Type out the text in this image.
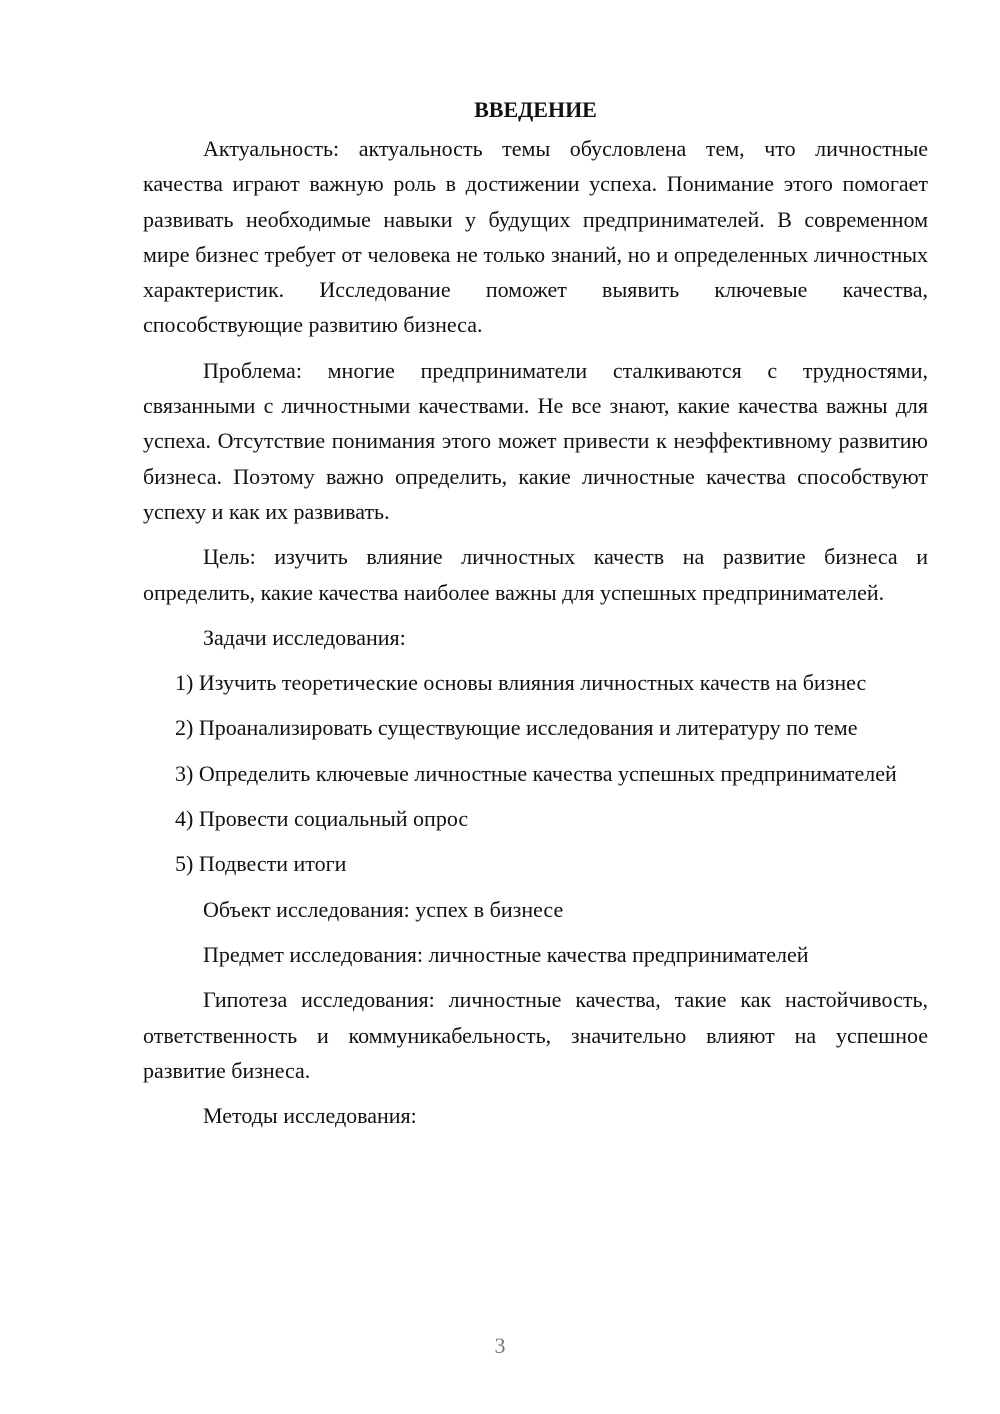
ВВЕДЕНИЕ

Актуальность: актуальность темы обусловлена тем, что личностные качества играют важную роль в достижении успеха. Понимание этого помогает развивать необходимые навыки у будущих предпринимателей. В современном мире бизнес требует от человека не только знаний, но и определенных личностных характеристик. Исследование поможет выявить ключевые качества, способствующие развитию бизнеса.

Проблема: многие предприниматели сталкиваются с трудностями, связанными с личностными качествами. Не все знают, какие качества важны для успеха. Отсутствие понимания этого может привести к неэффективному развитию бизнеса. Поэтому важно определить, какие личностные качества способствуют успеху и как их развивать.

Цель: изучить влияние личностных качеств на развитие бизнеса и определить, какие качества наиболее важны для успешных предпринимателей.

Задачи исследования:

1) Изучить теоретические основы влияния личностных качеств на бизнес

2) Проанализировать существующие исследования и литературу по теме

3) Определить ключевые личностные качества успешных предпринимателей

4) Провести социальный опрос

5) Подвести итоги

Объект исследования: успех в бизнесе

Предмет исследования: личностные качества предпринимателей

Гипотеза исследования: личностные качества, такие как настойчивость, ответственность и коммуникабельность, значительно влияют на успешное развитие бизнеса.

Методы исследования:

3
